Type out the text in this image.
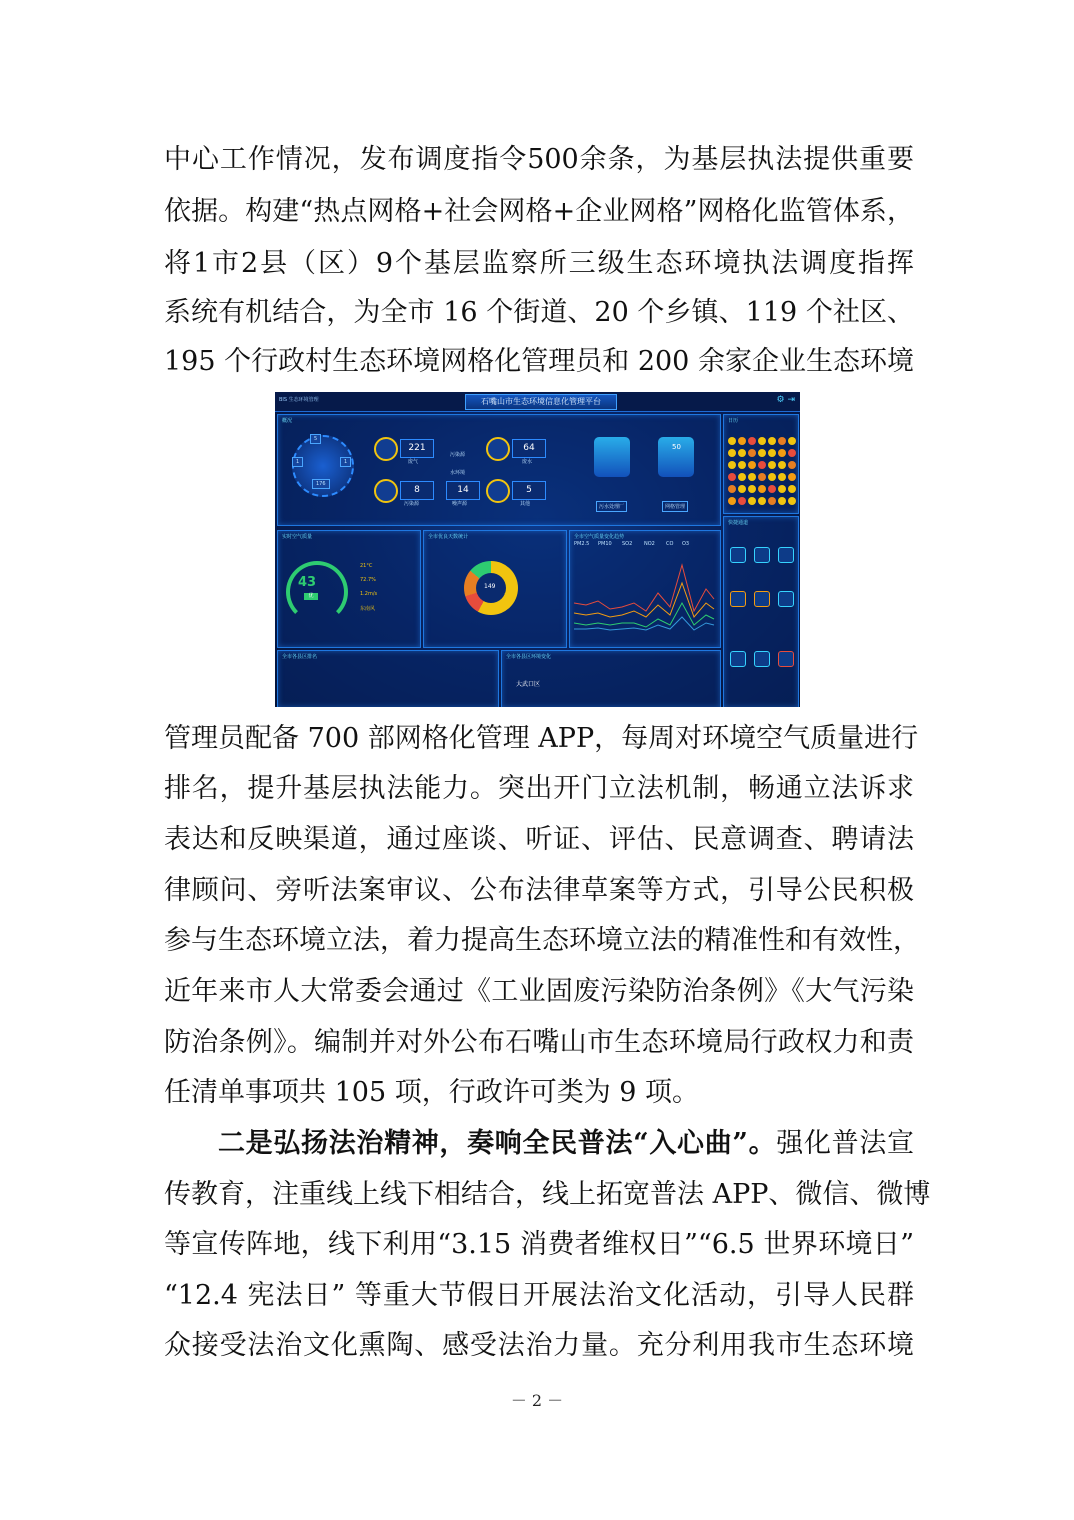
中心工作情况，发布调度指令500余条，为基层执法提供重要
依据。构建“热点网格+社会网格+企业网格”网格化监管体系，
将1市2县（区）9个基层监察所三级生态环境执法调度指挥
系统有机结合，为全市 16 个街道、20 个乡镇、119 个社区、
195 个行政村生态环境网格化管理员和 200 余家企业生态环境
BIS 生态环境管理	石嘴山市生态环境信息化管理平台	⚙ ⇥
概况
5
1	1
176
221
废气
64
废水
污染源
水环境
8
污染源
14
噪声源
5
其他
50
污水处理厂	网格管理
日历
快捷通道
实时空气质量
43
优
21°C
72.7%
1.2m/s
东南风
全市优良天数统计
149
14
全市空气质量变化趋势
PM2.5 PM10 SO2 NO2 CO O3
全市各县区排名	全市各县区环境变化
大武口区
管理员配备 700 部网格化管理 APP，每周对环境空气质量进行
排名，提升基层执法能力。突出开门立法机制，畅通立法诉求
表达和反映渠道，通过座谈、听证、评估、民意调查、聘请法
律顾问、旁听法案审议、公布法律草案等方式，引导公民积极
参与生态环境立法，着力提高生态环境立法的精准性和有效性，
近年来市人大常委会通过《工业固废污染防治条例》《大气污染
防治条例》。编制并对外公布石嘴山市生态环境局行政权力和责
任清单事项共 105 项，行政许可类为 9 项。
二是弘扬法治精神，奏响全民普法“入心曲”。强化普法宣
传教育，注重线上线下相结合，线上拓宽普法 APP、微信、微博
等宣传阵地，线下利用“3.15 消费者维权日”“6.5 世界环境日”
“12.4 宪法日” 等重大节假日开展法治文化活动，引导人民群
众接受法治文化熏陶、感受法治力量。充分利用我市生态环境
－ 2 －
